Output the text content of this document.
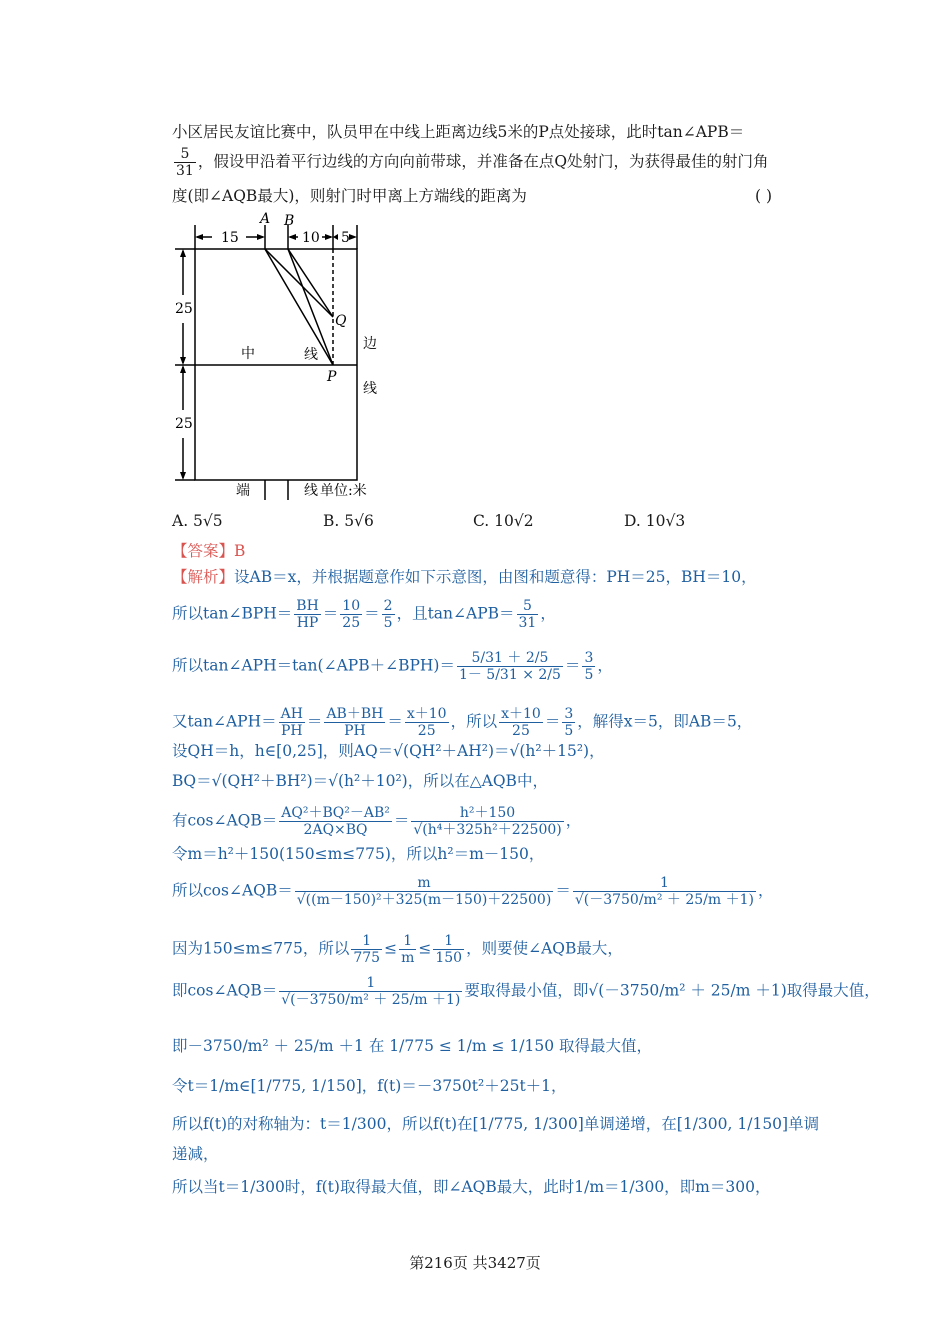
小区居民友谊比赛中，队员甲在中线上距离边线5米的P点处接球，此时tan∠APB＝
$\frac{5}{31}$ ，假设甲沿着平行边线的方向向前带球，并准备在点Q处射门，为获得最佳的射门角
度(即∠AQB最大)，则射门时甲离上方端线的距离为	( )
A B
Q
P
15	10 5
25
25
中	线
边
线
端	线 单位:米
A. 5√5	B. 5√6	C. 10√2	D. 10√3
【答案】B
【解析】设AB＝x，并根据题意作如下示意图，由图和题意得：PH＝25，BH＝10，
所以tan∠BPH＝ $\frac{BH}{HP} = \frac{10}{25} = \frac{2}{5}$ ，且tan∠APB＝ $\frac{5}{31}$ ，
所以tan∠APH＝tan(∠APB＋∠BPH)＝ $\frac{5/31 + 2/5}{1- 5/31 \times 2/5} = \frac{3}{5}$ ，
又tan∠APH＝ $\frac{AH}{PH} = \frac{AB+BH}{PH} = \frac{x+10}{25}$ ，所以 $\frac{x+10}{25} = \frac{3}{5}$ ，解得x＝5，即AB＝5，
设QH＝h，h∈[0,25]，则AQ＝√(QH²＋AH²)＝√(h²＋15²)，
BQ＝√(QH²＋BH²)＝√(h²＋10²)，所以在△AQB中，
有cos∠AQB＝ $\frac{\text{AQ²＋BQ²－AB²}}{2AQ\times BQ} = \frac{\text{h²＋150}}{\text{√(h⁴＋325h²＋22500)}}$ ，
令m＝h²＋150(150≤m≤775)，所以h²＝m－150，
所以cos∠AQB＝ $\frac{m}{\text{√((m－150)²＋325(m－150)＋22500)}} = \frac{1}{\text{√(－3750/m² ＋ 25/m ＋1)}}$ ，
因为150≤m≤775，所以 $\frac{1}{775} \le \frac{1}{m} \le \frac{1}{150}$ ，则要使∠AQB最大，
即cos∠AQB＝ $\frac{1}{\text{√(－3750/m² ＋ 25/m ＋1)}}$ 要取得最小值，即√(－3750/m² ＋ 25/m ＋1)取得最大值，
即－3750/m² ＋ 25/m ＋1 在 1/775 ≤ 1/m ≤ 1/150 取得最大值，
令t＝1/m∈[1/775, 1/150]，f(t)＝－3750t²＋25t＋1，
所以f(t)的对称轴为：t＝1/300，所以f(t)在[1/775, 1/300]单调递增，在[1/300, 1/150]单调
递减，
所以当t＝1/300时，f(t)取得最大值，即∠AQB最大，此时1/m＝1/300，即m＝300，
第216页 共3427页
